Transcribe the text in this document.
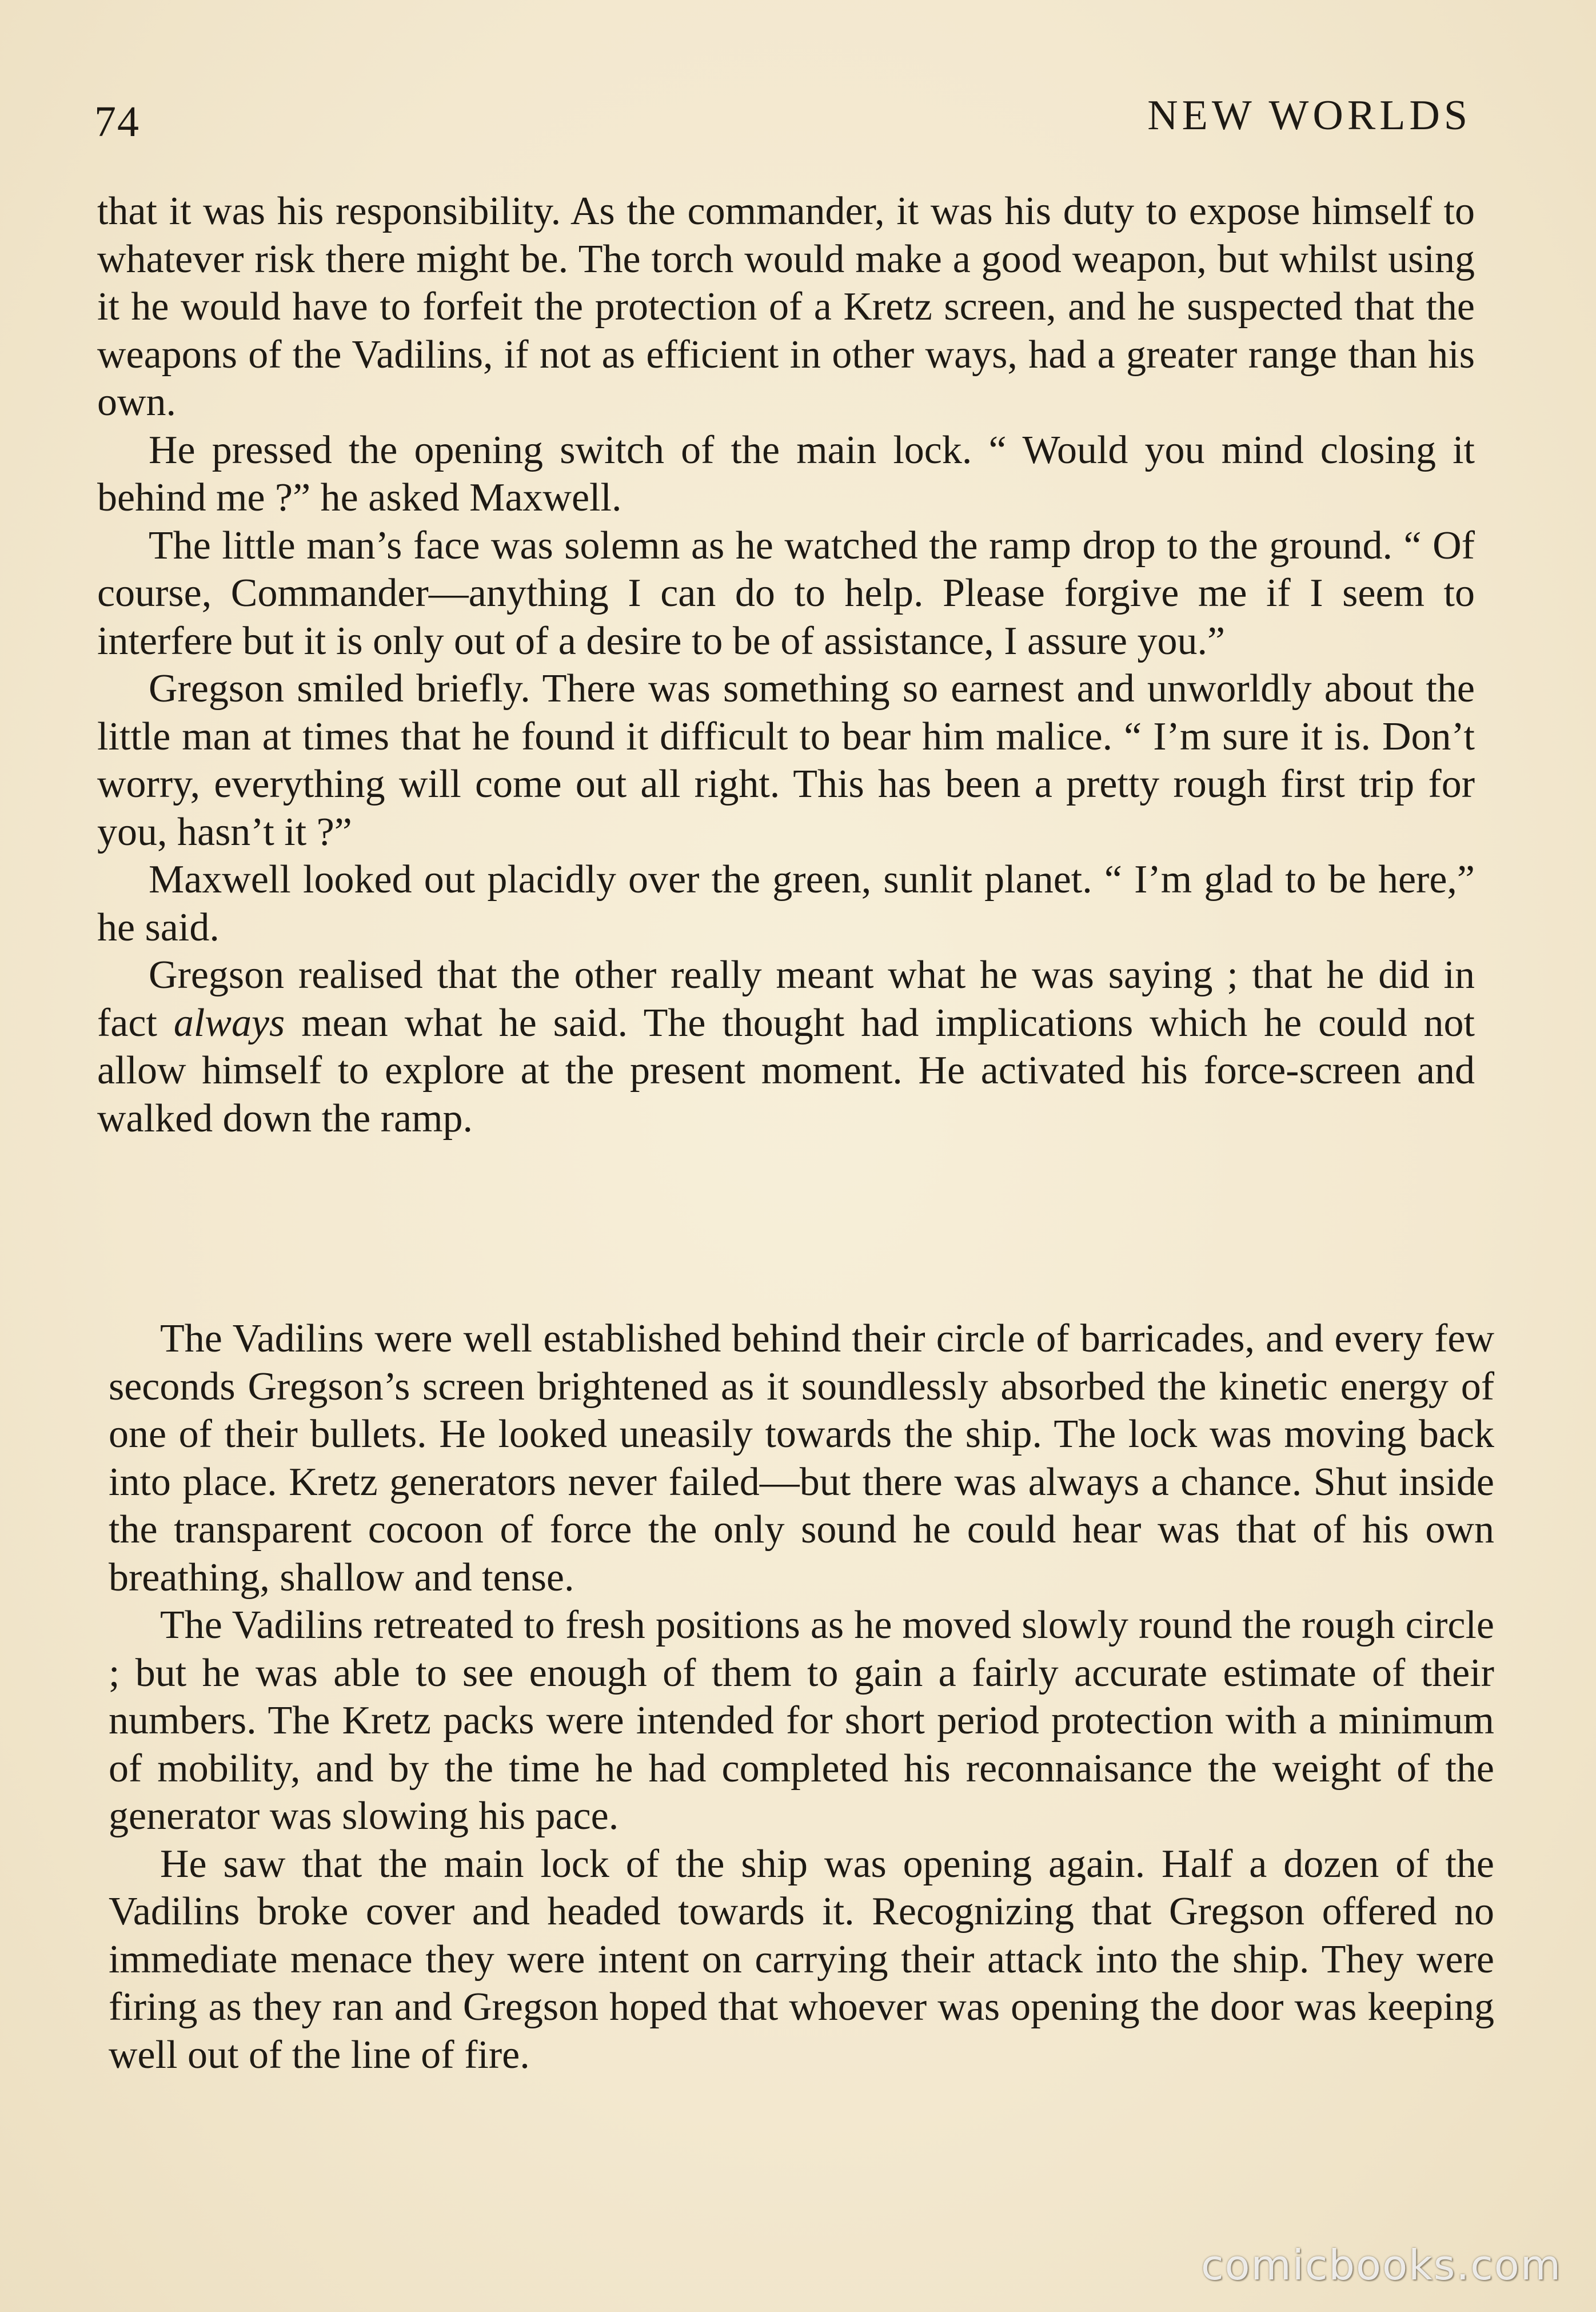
74	NEW WORLDS

that it was his responsibility. As the commander, it was his duty to expose himself to whatever risk there might be. The torch would make a good weapon, but whilst using it he would have to forfeit the protection of a Kretz screen, and he suspected that the weapons of the Vadilins, if not as efficient in other ways, had a greater range than his own.

He pressed the opening switch of the main lock. “ Would you mind closing it behind me ?” he asked Maxwell.

The little man’s face was solemn as he watched the ramp drop to the ground. “ Of course, Commander—anything I can do to help. Please forgive me if I seem to interfere but it is only out of a desire to be of assistance, I assure you.”

Gregson smiled briefly. There was something so earnest and unworldly about the little man at times that he found it difficult to bear him malice. “ I’m sure it is. Don’t worry, everything will come out all right. This has been a pretty rough first trip for you, hasn’t it ?”

Maxwell looked out placidly over the green, sunlit planet. “ I’m glad to be here,” he said.

Gregson realised that the other really meant what he was saying ; that he did in fact always mean what he said. The thought had implications which he could not allow himself to explore at the present moment. He activated his force-screen and walked down the ramp.

The Vadilins were well established behind their circle of barricades, and every few seconds Gregson’s screen brightened as it soundlessly absorbed the kinetic energy of one of their bullets. He looked uneasily towards the ship. The lock was moving back into place. Kretz generators never failed—but there was always a chance. Shut inside the transparent cocoon of force the only sound he could hear was that of his own breathing, shallow and tense.

The Vadilins retreated to fresh positions as he moved slowly round the rough circle ; but he was able to see enough of them to gain a fairly accurate estimate of their numbers. The Kretz packs were intended for short period protection with a minimum of mobility, and by the time he had completed his reconnaisance the weight of the generator was slowing his pace.

He saw that the main lock of the ship was opening again. Half a dozen of the Vadilins broke cover and headed towards it. Recognizing that Gregson offered no immediate menace they were intent on carrying their attack into the ship. They were firing as they ran and Gregson hoped that whoever was opening the door was keeping well out of the line of fire.

comicbooks.com
